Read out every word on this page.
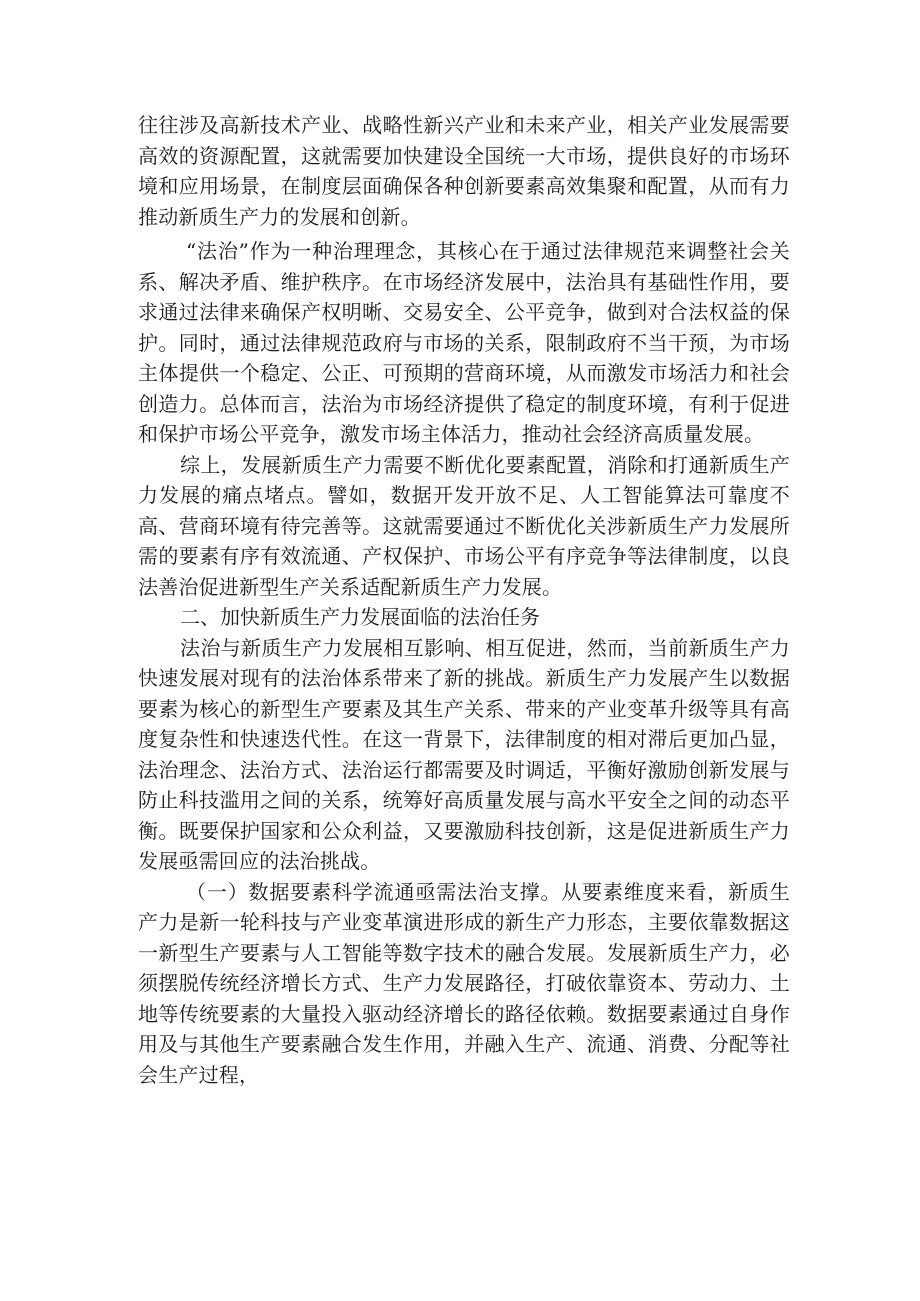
往往涉及高新技术产业、战略性新兴产业和未来产业，相关产业发展需要高效的资源配置，这就需要加快建设全国统一大市场，提供良好的市场环境和应用场景，在制度层面确保各种创新要素高效集聚和配置，从而有力推动新质生产力的发展和创新。

“法治”作为一种治理理念，其核心在于通过法律规范来调整社会关系、解决矛盾、维护秩序。在市场经济发展中，法治具有基础性作用，要求通过法律来确保产权明晰、交易安全、公平竞争，做到对合法权益的保护。同时，通过法律规范政府与市场的关系，限制政府不当干预，为市场主体提供一个稳定、公正、可预期的营商环境，从而激发市场活力和社会创造力。总体而言，法治为市场经济提供了稳定的制度环境，有利于促进和保护市场公平竞争，激发市场主体活力，推动社会经济高质量发展。

综上，发展新质生产力需要不断优化要素配置，消除和打通新质生产力发展的痛点堵点。譬如，数据开发开放不足、人工智能算法可靠度不高、营商环境有待完善等。这就需要通过不断优化关涉新质生产力发展所需的要素有序有效流通、产权保护、市场公平有序竞争等法律制度，以良法善治促进新型生产关系适配新质生产力发展。

二、加快新质生产力发展面临的法治任务

法治与新质生产力发展相互影响、相互促进，然而，当前新质生产力快速发展对现有的法治体系带来了新的挑战。新质生产力发展产生以数据要素为核心的新型生产要素及其生产关系、带来的产业变革升级等具有高度复杂性和快速迭代性。在这一背景下，法律制度的相对滞后更加凸显，法治理念、法治方式、法治运行都需要及时调适，平衡好激励创新发展与防止科技滥用之间的关系，统筹好高质量发展与高水平安全之间的动态平衡。既要保护国家和公众利益，又要激励科技创新，这是促进新质生产力发展亟需回应的法治挑战。

（一）数据要素科学流通亟需法治支撑。从要素维度来看，新质生产力是新一轮科技与产业变革演进形成的新生产力形态，主要依靠数据这一新型生产要素与人工智能等数字技术的融合发展。发展新质生产力，必须摆脱传统经济增长方式、生产力发展路径，打破依靠资本、劳动力、土地等传统要素的大量投入驱动经济增长的路径依赖。数据要素通过自身作用及与其他生产要素融合发生作用，并融入生产、流通、消费、分配等社会生产过程，
